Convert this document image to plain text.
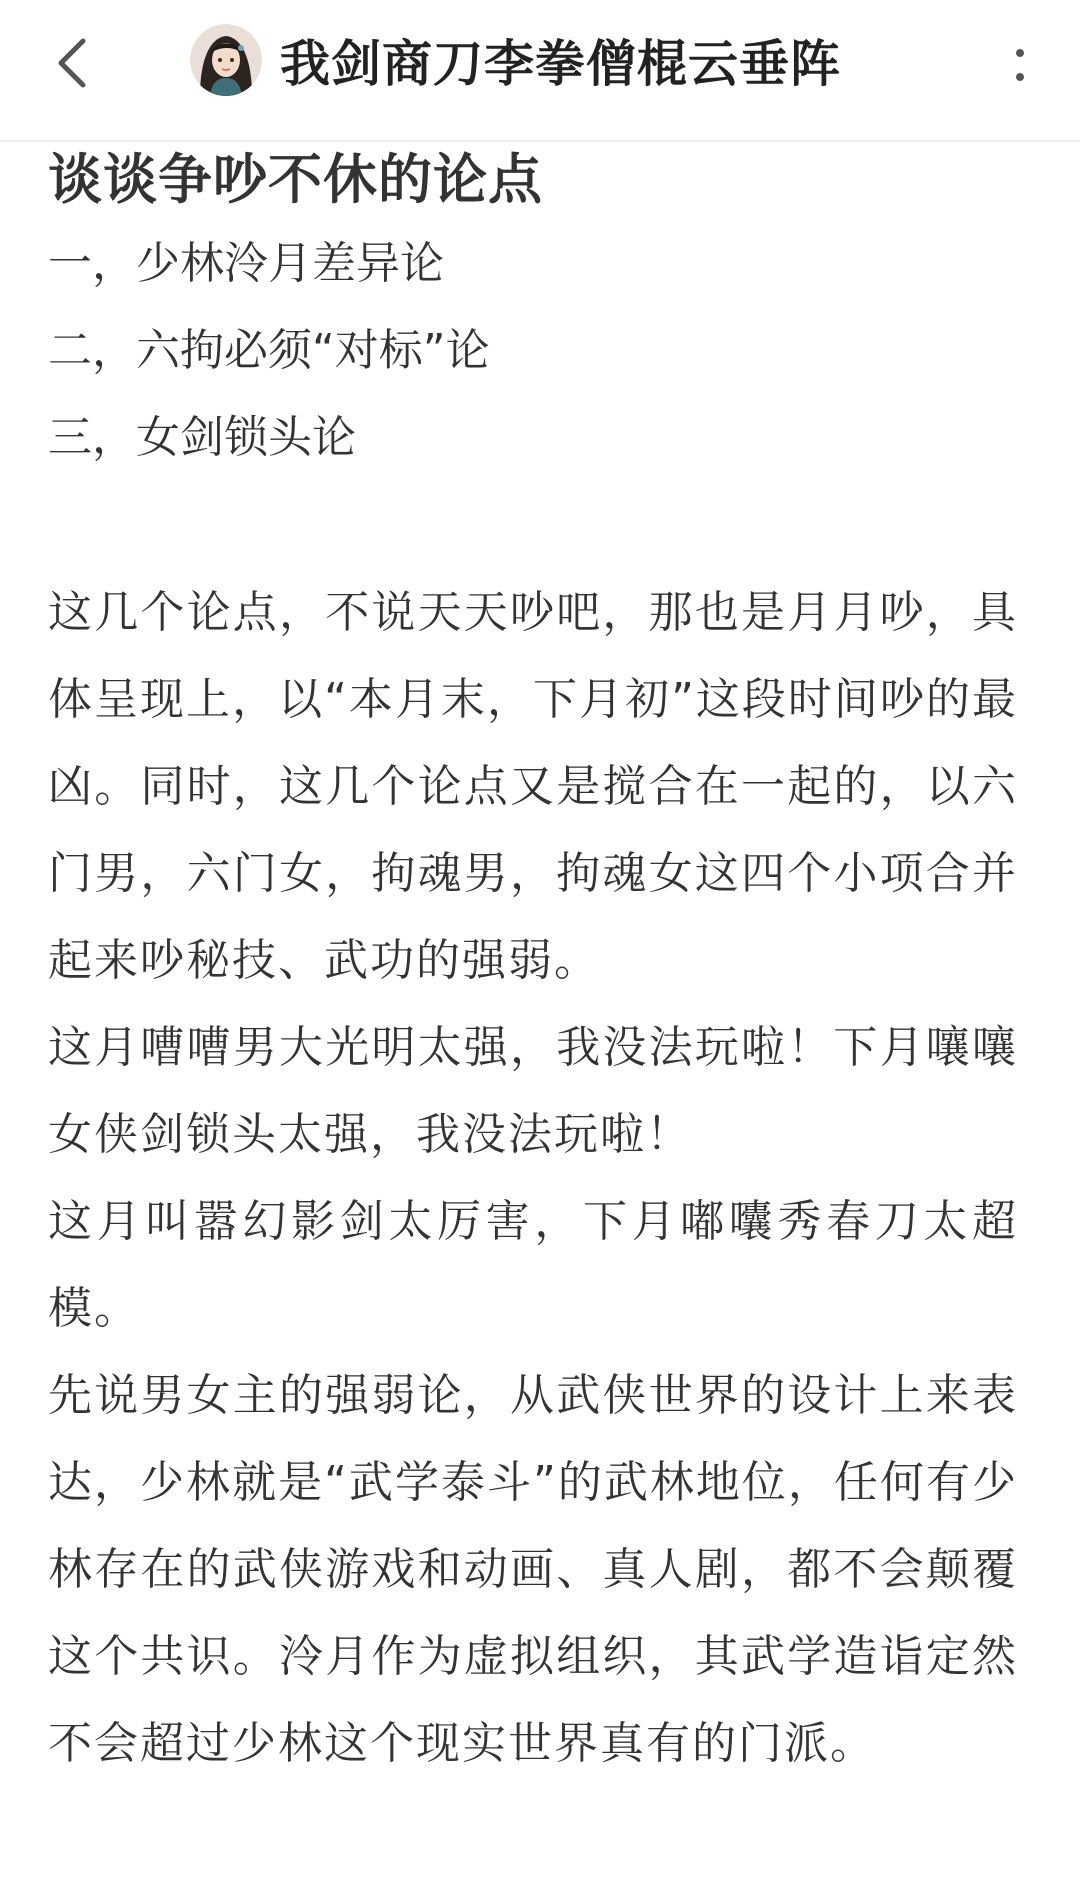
我剑商刀李拳僧棍云垂阵
谈谈争吵不休的论点
一，少林泠月差异论
二，六拘必须“对标”论
三，女剑锁头论

这几个论点，不说天天吵吧，那也是月月吵，具体呈现上，以“本月末，下月初”这段时间吵的最凶。同时，这几个论点又是搅合在一起的，以六门男，六门女，拘魂男，拘魂女这四个小项合并起来吵秘技、武功的强弱。

这月嘈嘈男大光明太强，我没法玩啦！下月嚷嚷女侠剑锁头太强，我没法玩啦！

这月叫嚣幻影剑太厉害，下月嘟囔秀春刀太超模。

先说男女主的强弱论，从武侠世界的设计上来表达，少林就是“武学泰斗”的武林地位，任何有少林存在的武侠游戏和动画、真人剧，都不会颠覆这个共识。泠月作为虚拟组织，其武学造诣定然不会超过少林这个现实世界真有的门派。
